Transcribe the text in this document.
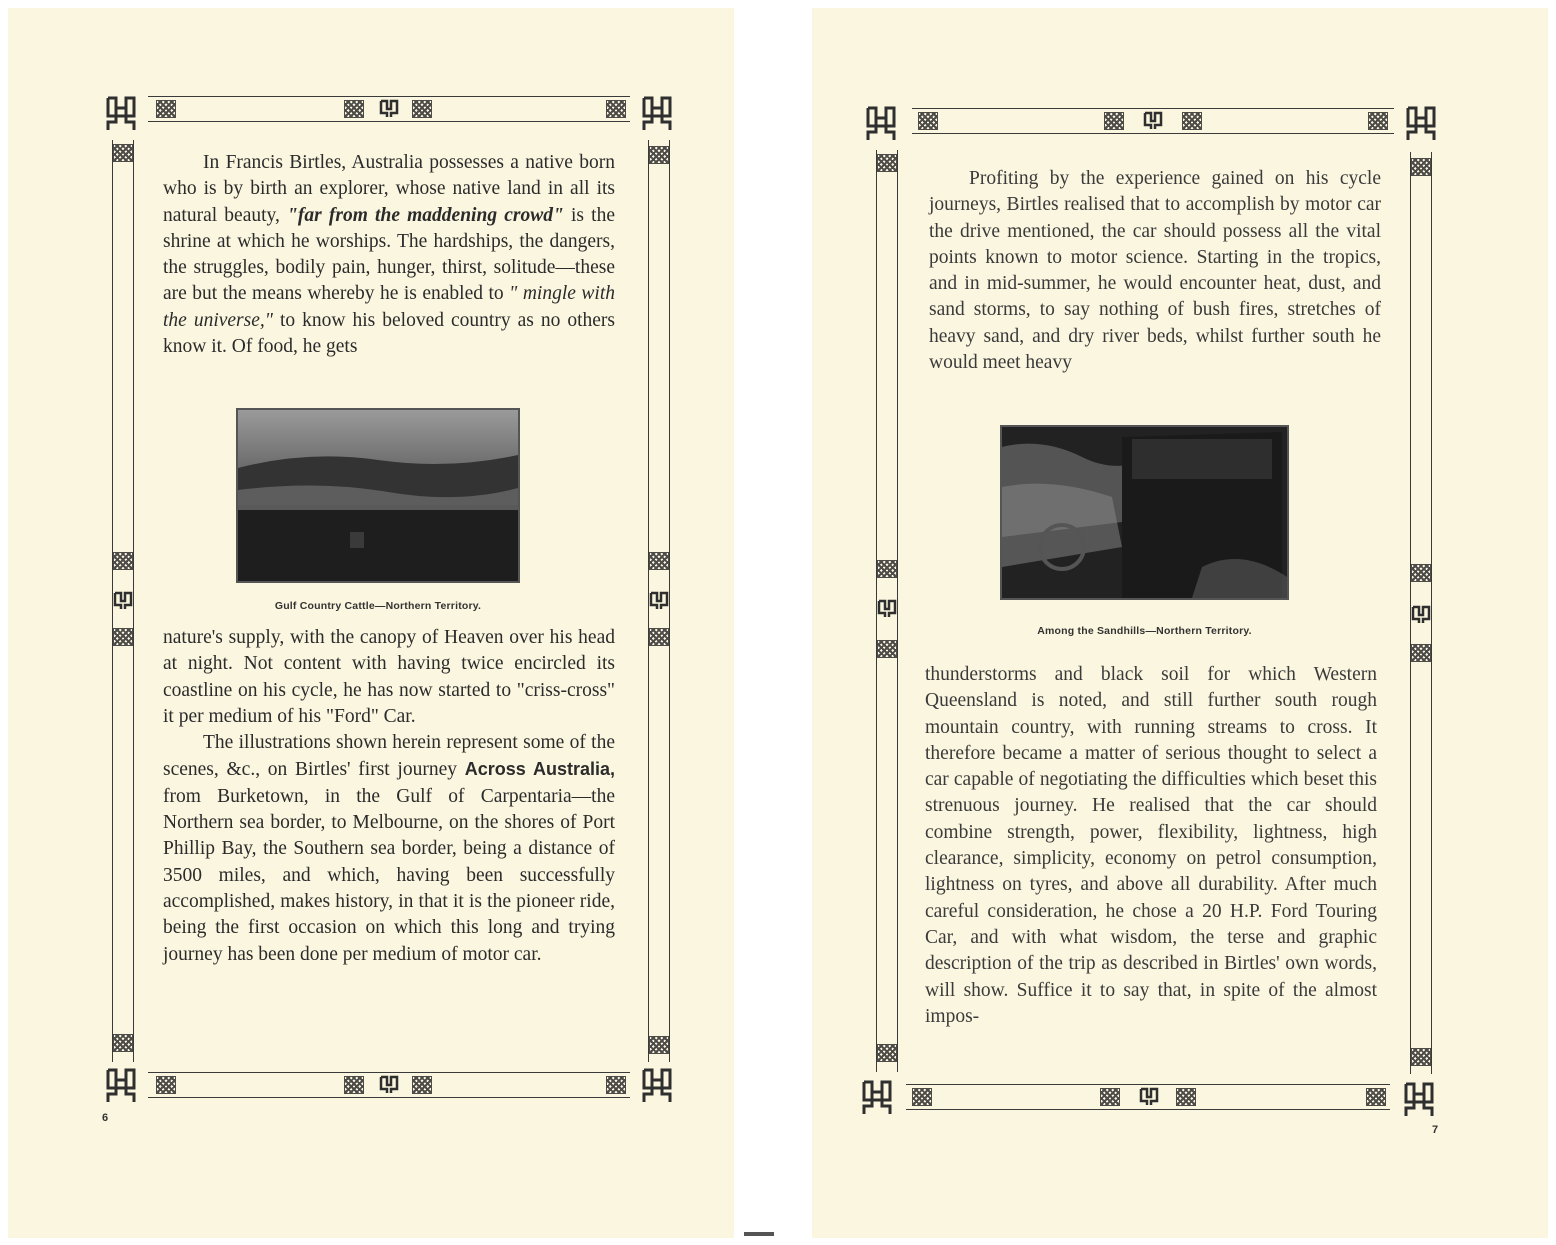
In Francis Birtles, Australia possesses a native born who is by birth an explorer, whose native land in all its natural beauty, "far from the maddening crowd" is the shrine at which he worships. The hardships, the dangers, the struggles, bodily pain, hunger, thirst, solitude—these are but the means whereby he is enabled to " mingle with the universe," to know his beloved country as no others know it. Of food, he gets

Gulf Country Cattle—Northern Territory.

nature's supply, with the canopy of Heaven over his head at night. Not content with having twice encircled its coastline on his cycle, he has now started to "criss-cross" it per medium of his "Ford" Car.

The illustrations shown herein represent some of the scenes, &c., on Birtles' first journey Across Australia, from Burketown, in the Gulf of Carpentaria—the Northern sea border, to Melbourne, on the shores of Port Phillip Bay, the Southern sea border, being a distance of 3500 miles, and which, having been successfully accomplished, makes history, in that it is the pioneer ride, being the first occasion on which this long and trying journey has been done per medium of motor car.

6

Profiting by the experience gained on his cycle journeys, Birtles realised that to accomplish by motor car the drive mentioned, the car should possess all the vital points known to motor science. Starting in the tropics, and in mid-summer, he would encounter heat, dust, and sand storms, to say nothing of bush fires, stretches of heavy sand, and dry river beds, whilst further south he would meet heavy

Among the Sandhills—Northern Territory.

thunderstorms and black soil for which Western Queensland is noted, and still further south rough mountain country, with running streams to cross. It therefore became a matter of serious thought to select a car capable of negotiating the difficulties which beset this strenuous journey. He realised that the car should combine strength, power, flexibility, lightness, high clearance, simplicity, economy on petrol consumption, lightness on tyres, and above all durability. After much careful consideration, he chose a 20 H.P. Ford Touring Car, and with what wisdom, the terse and graphic description of the trip as described in Birtles' own words, will show. Suffice it to say that, in spite of the almost impos-

7
